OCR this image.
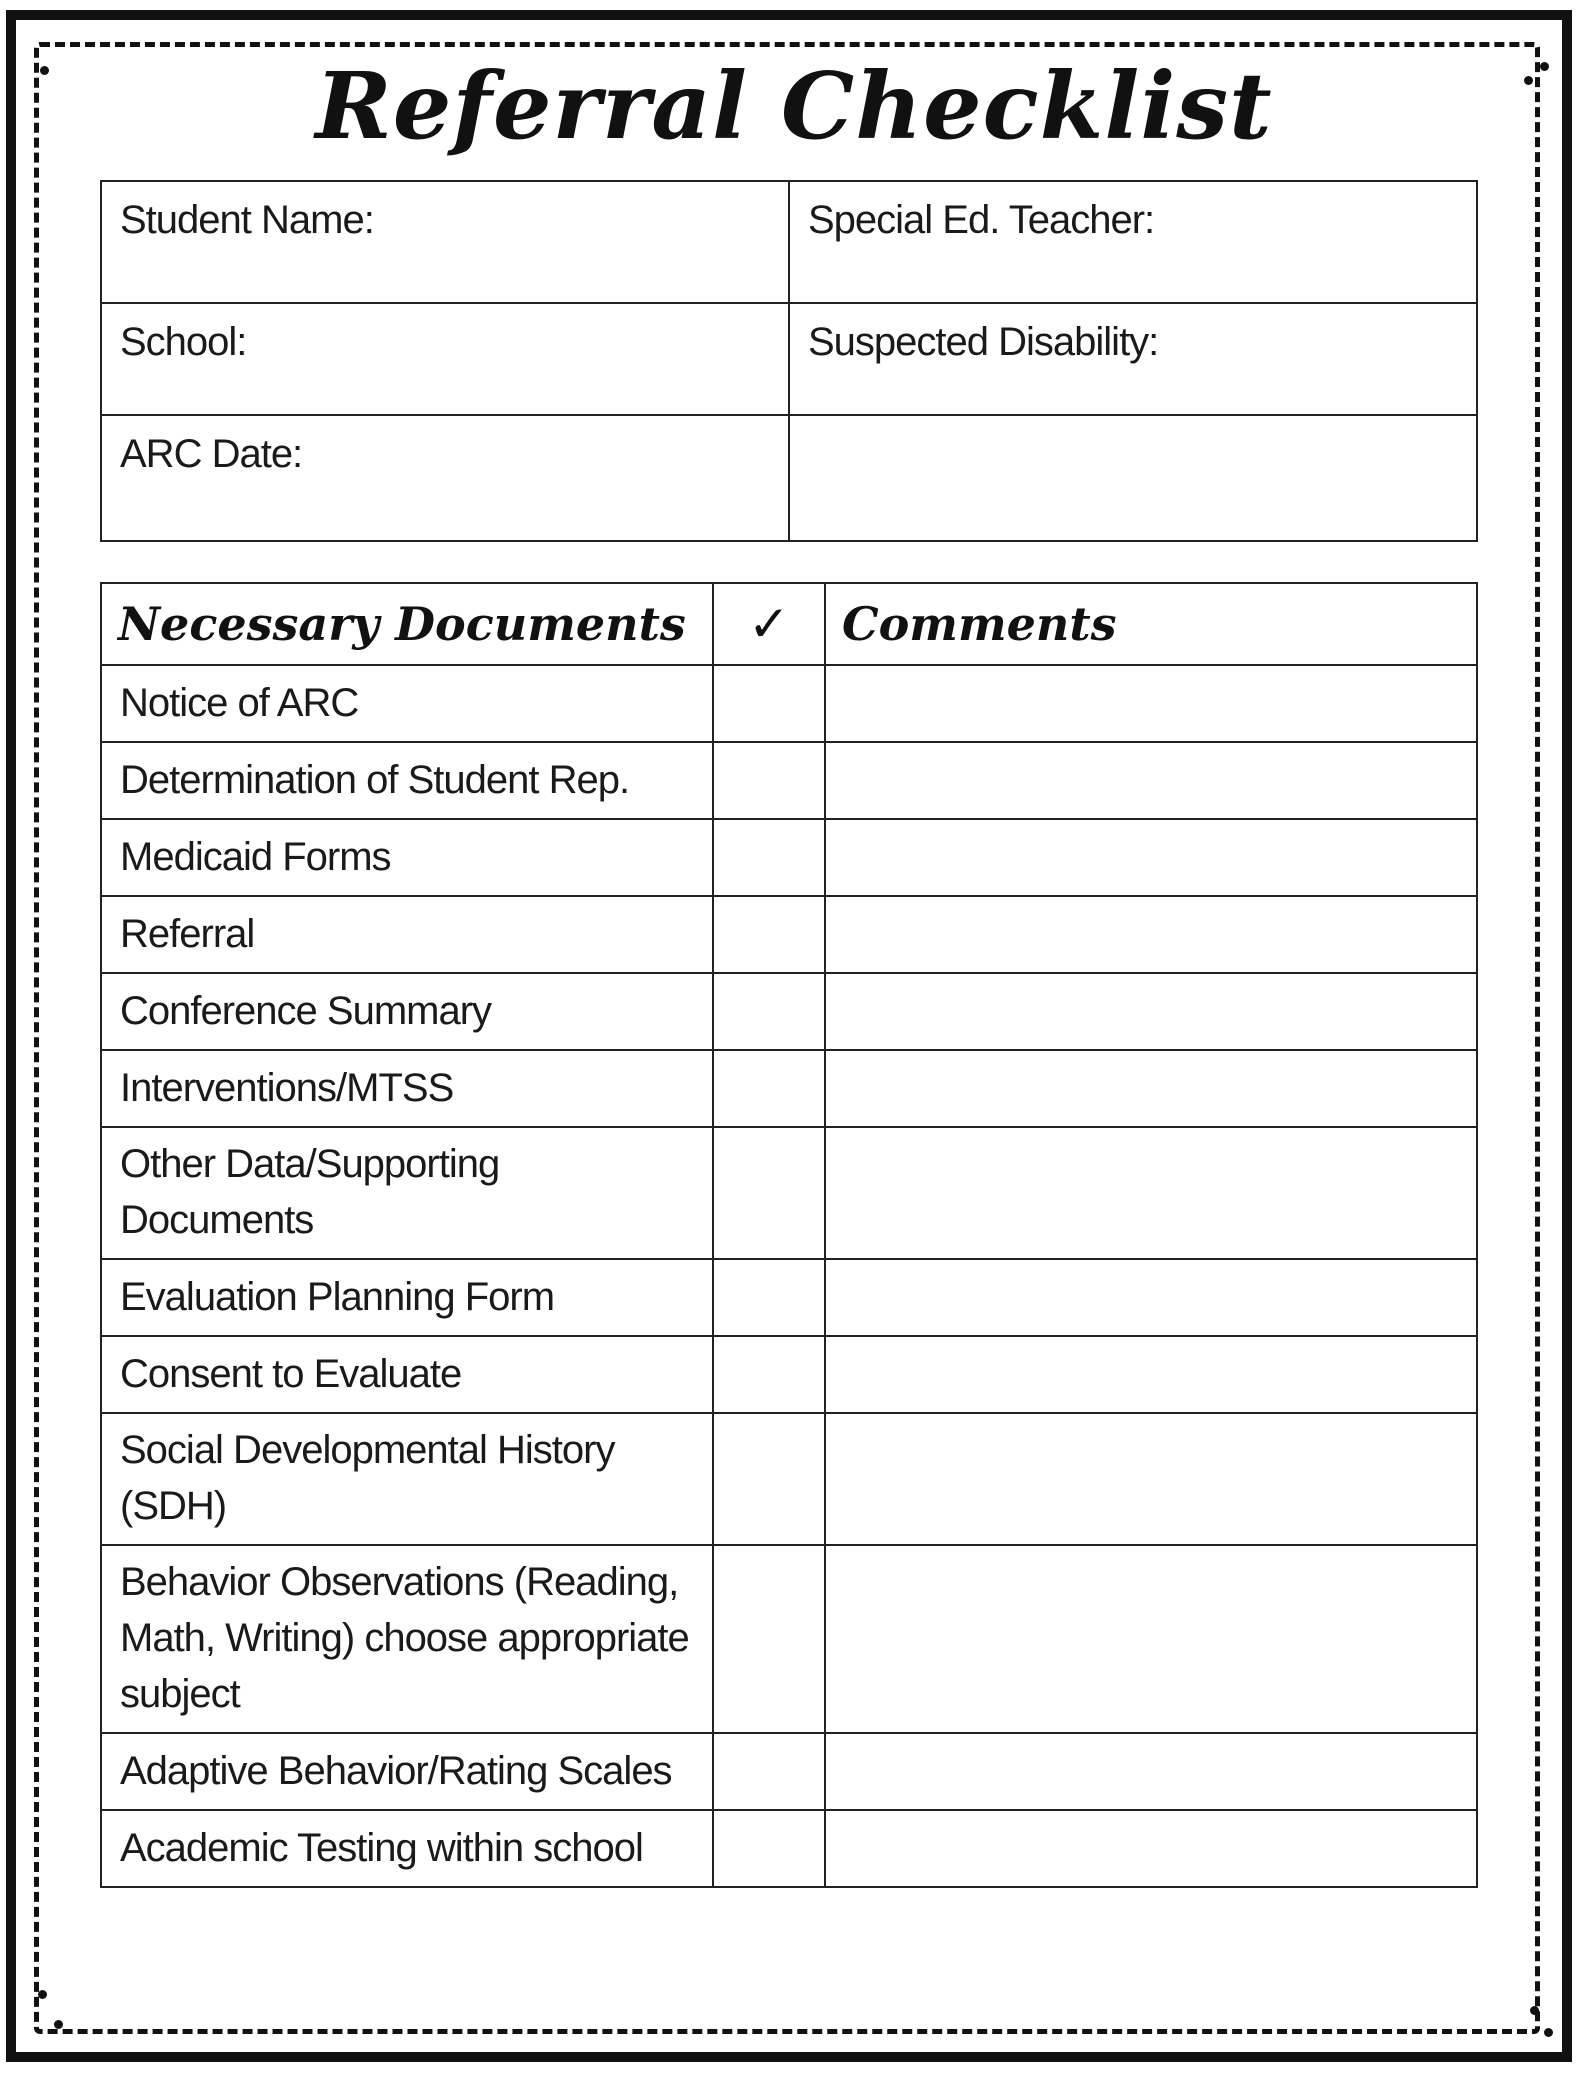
Referral Checklist
Student Name:	Special Ed. Teacher:
School:	Suspected Disability:
ARC Date:	
Necessary Documents	✓	Comments
Notice of ARC		
Determination of Student Rep.		
Medicaid Forms		
Referral		
Conference Summary		
Interventions/MTSS		
Other Data/Supporting Documents		
Evaluation Planning Form		
Consent to Evaluate		
Social Developmental History (SDH)		
Behavior Observations (Reading, Math, Writing) choose appropriate subject		
Adaptive Behavior/Rating Scales		
Academic Testing within school		
